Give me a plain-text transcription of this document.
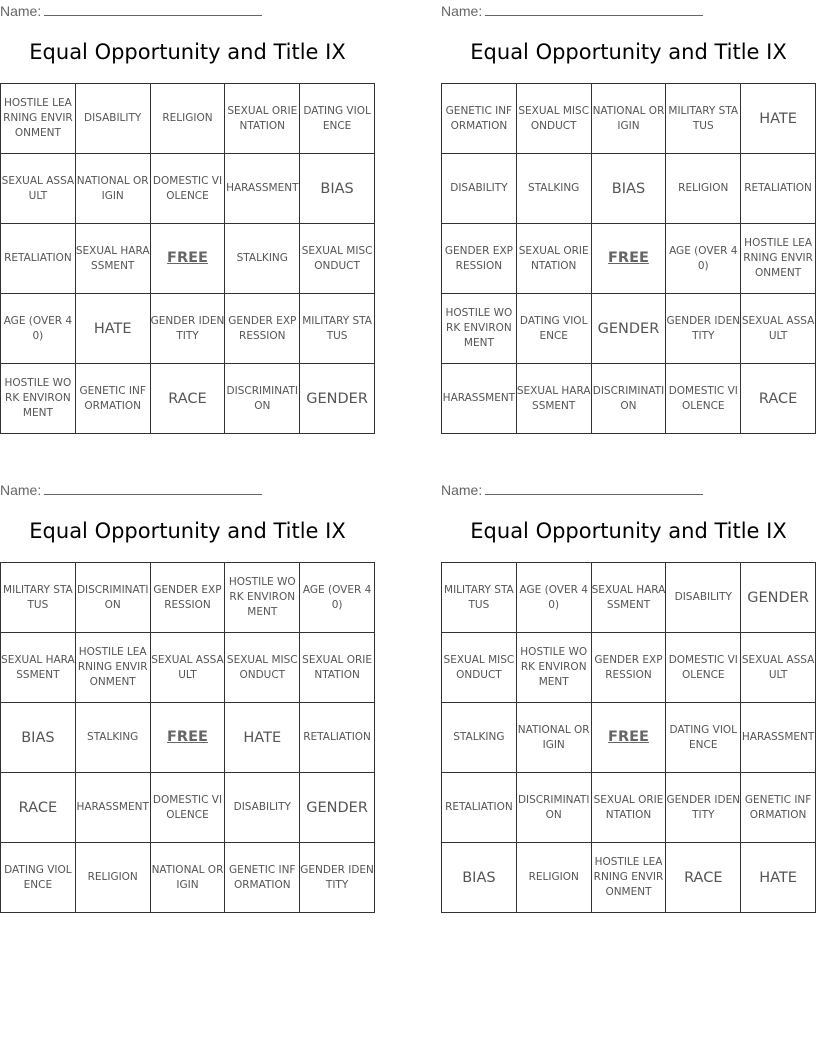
Name:
Equal Opportunity and Title IX
HOSTILE LEARNING ENVIRONMENT	DISABILITY	RELIGION	SEXUAL ORIENTATION	DATING VIOLENCE
SEXUAL ASSAULT	NATIONAL ORIGIN	DOMESTIC VIOLENCE	HARASSMENT	BIAS
RETALIATION	SEXUAL HARASSMENT	FREE	STALKING	SEXUAL MISCONDUCT
AGE (OVER 40)	HATE	GENDER IDENTITY	GENDER EXPRESSION	MILITARY STATUS
HOSTILE WORK ENVIRONMENT	GENETIC INFORMATION	RACE	DISCRIMINATION	GENDER
Name:
Equal Opportunity and Title IX
GENETIC INFORMATION	SEXUAL MISCONDUCT	NATIONAL ORIGIN	MILITARY STATUS	HATE
DISABILITY	STALKING	BIAS	RELIGION	RETALIATION
GENDER EXPRESSION	SEXUAL ORIENTATION	FREE	AGE (OVER 40)	HOSTILE LEARNING ENVIRONMENT
HOSTILE WORK ENVIRONMENT	DATING VIOLENCE	GENDER	GENDER IDENTITY	SEXUAL ASSAULT
HARASSMENT	SEXUAL HARASSMENT	DISCRIMINATION	DOMESTIC VIOLENCE	RACE
Name:
Equal Opportunity and Title IX
MILITARY STATUS	DISCRIMINATION	GENDER EXPRESSION	HOSTILE WORK ENVIRONMENT	AGE (OVER 40)
SEXUAL HARASSMENT	HOSTILE LEARNING ENVIRONMENT	SEXUAL ASSAULT	SEXUAL MISCONDUCT	SEXUAL ORIENTATION
BIAS	STALKING	FREE	HATE	RETALIATION
RACE	HARASSMENT	DOMESTIC VIOLENCE	DISABILITY	GENDER
DATING VIOLENCE	RELIGION	NATIONAL ORIGIN	GENETIC INFORMATION	GENDER IDENTITY
Name:
Equal Opportunity and Title IX
MILITARY STATUS	AGE (OVER 40)	SEXUAL HARASSMENT	DISABILITY	GENDER
SEXUAL MISCONDUCT	HOSTILE WORK ENVIRONMENT	GENDER EXPRESSION	DOMESTIC VIOLENCE	SEXUAL ASSAULT
STALKING	NATIONAL ORIGIN	FREE	DATING VIOLENCE	HARASSMENT
RETALIATION	DISCRIMINATION	SEXUAL ORIENTATION	GENDER IDENTITY	GENETIC INFORMATION
BIAS	RELIGION	HOSTILE LEARNING ENVIRONMENT	RACE	HATE
